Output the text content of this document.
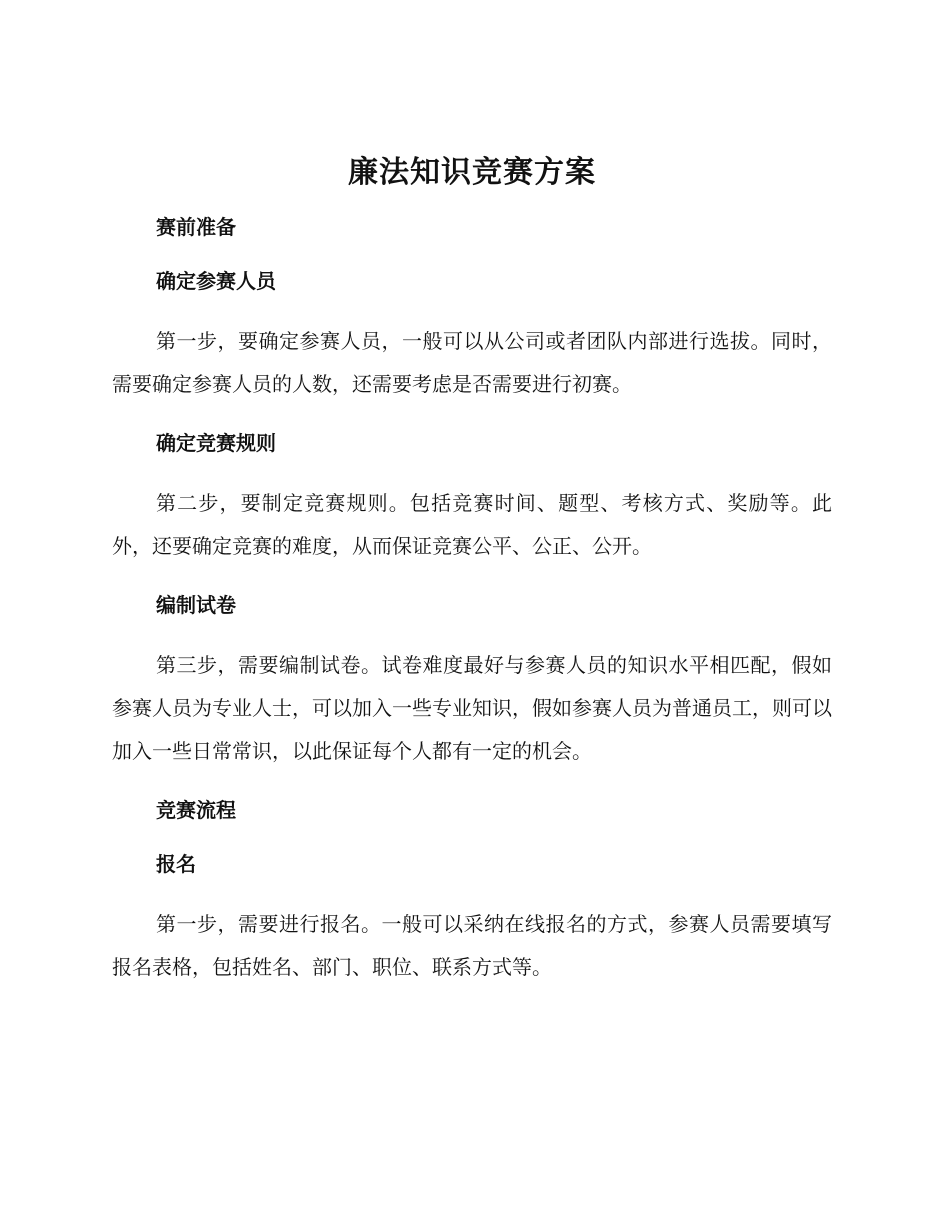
廉法知识竞赛方案
赛前准备
确定参赛人员

第一步，要确定参赛人员，一般可以从公司或者团队内部进行选拔。同时，需要确定参赛人员的人数，还需要考虑是否需要进行初赛。

确定竞赛规则

第二步，要制定竞赛规则。包括竞赛时间、题型、考核方式、奖励等。此外，还要确定竞赛的难度，从而保证竞赛公平、公正、公开。

编制试卷

第三步，需要编制试卷。试卷难度最好与参赛人员的知识水平相匹配，假如参赛人员为专业人士，可以加入一些专业知识，假如参赛人员为普通员工，则可以加入一些日常常识，以此保证每个人都有一定的机会。

竞赛流程
报名

第一步，需要进行报名。一般可以采纳在线报名的方式，参赛人员需要填写报名表格，包括姓名、部门、职位、联系方式等。
